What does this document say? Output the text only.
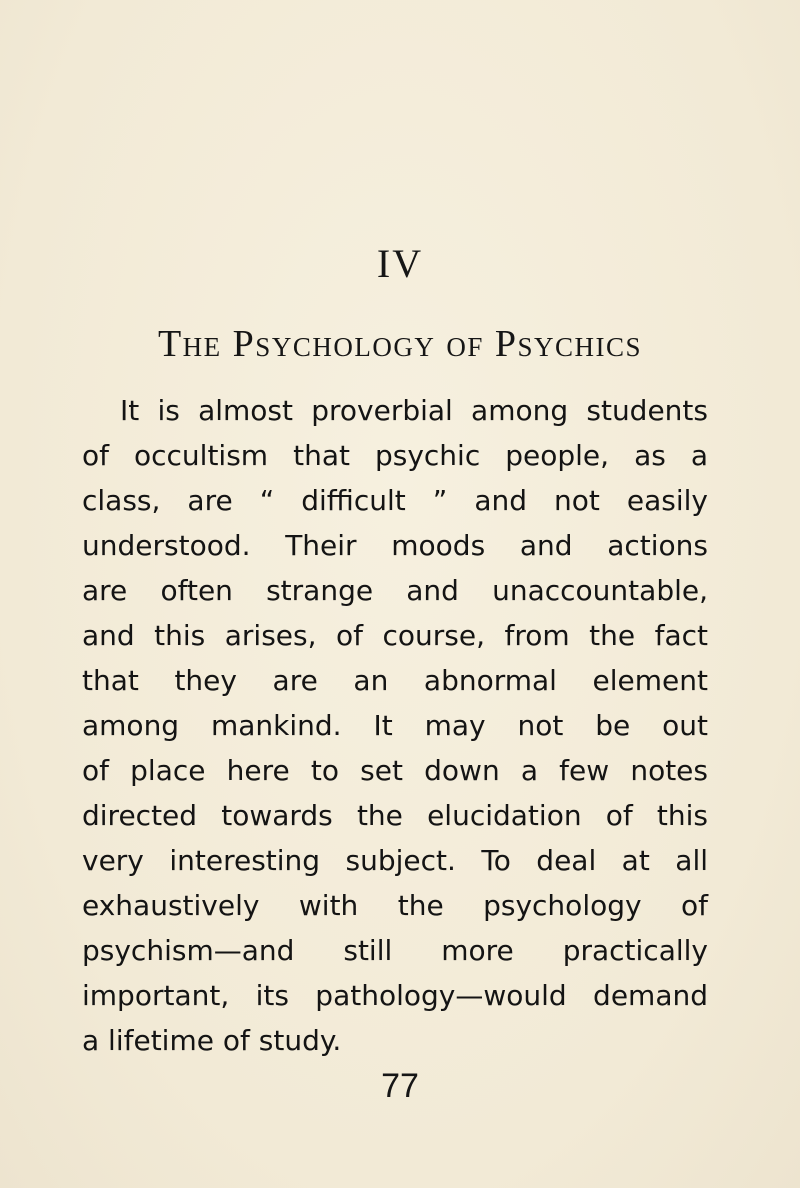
IV
The Psychology of Psychics
It is almost proverbial among students
of occultism that psychic people, as a
class, are “ difficult ” and not easily
understood. Their moods and actions
are often strange and unaccountable,
and this arises, of course, from the fact
that they are an abnormal element
among mankind. It may not be out
of place here to set down a few notes
directed towards the elucidation of this
very interesting subject. To deal at all
exhaustively with the psychology of
psychism—and still more practically
important, its pathology—would demand
a lifetime of study.
77
